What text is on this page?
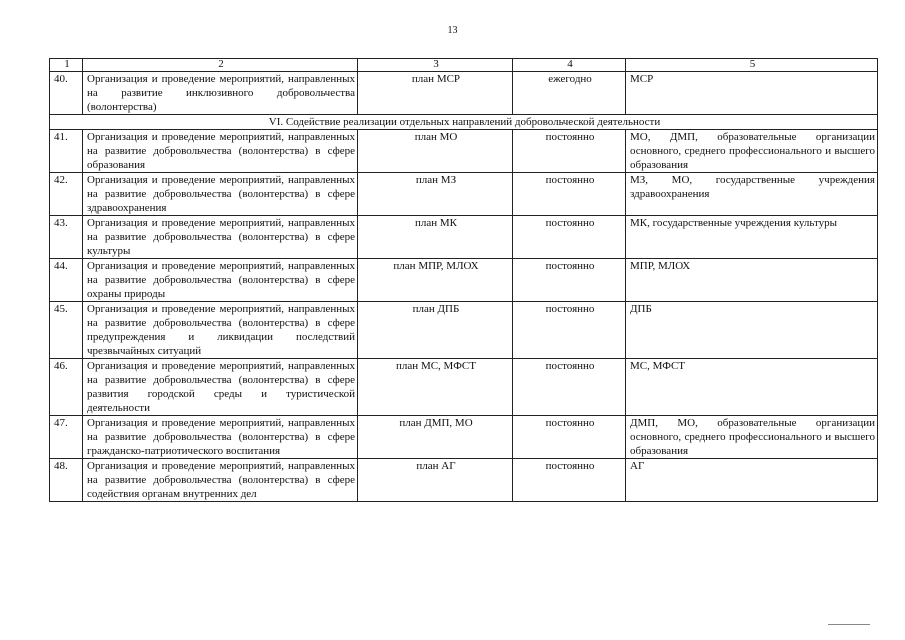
13
1	2	3	4	5
40.	Организация и проведение мероприятий, направленных на развитие инклюзивного добровольчества (волонтерства)	план МСР	ежегодно	МСР
VI. Содействие реализации отдельных направлений добровольческой деятельности				
41.	Организация и проведение мероприятий, направленных на развитие добровольчества (волонтерства) в сфере образования	план МО	постоянно	МО, ДМП, образовательные организации основного, среднего профессионального и высшего образования
42.	Организация и проведение мероприятий, направленных на развитие добровольчества (волонтерства) в сфере здравоохранения	план МЗ	постоянно	МЗ, МО, государственные учреждения здравоохранения
43.	Организация и проведение мероприятий, направленных на развитие добровольчества (волонтерства) в сфере культуры	план МК	постоянно	МК, государственные учреждения культуры
44.	Организация и проведение мероприятий, направленных на развитие добровольчества (волонтерства) в сфере охраны природы	план МПР, МЛОХ	постоянно	МПР, МЛОХ
45.	Организация и проведение мероприятий, направленных на развитие добровольчества (волонтерства) в сфере предупреждения и ликвидации последствий чрезвычайных ситуаций	план ДПБ	постоянно	ДПБ
46.	Организация и проведение мероприятий, направленных на развитие добровольчества (волонтерства) в сфере развития городской среды и туристической деятельности	план МС, МФСТ	постоянно	МС, МФСТ
47.	Организация и проведение мероприятий, направленных на развитие добровольчества (волонтерства) в сфере гражданско-патриотического воспитания	план ДМП, МО	постоянно	ДМП, МО, образовательные организации основного, среднего профессионального и высшего образования
48.	Организация и проведение мероприятий, направленных на развитие добровольчества (волонтерства) в сфере содействия органам внутренних дел	план АГ	постоянно	АГ
